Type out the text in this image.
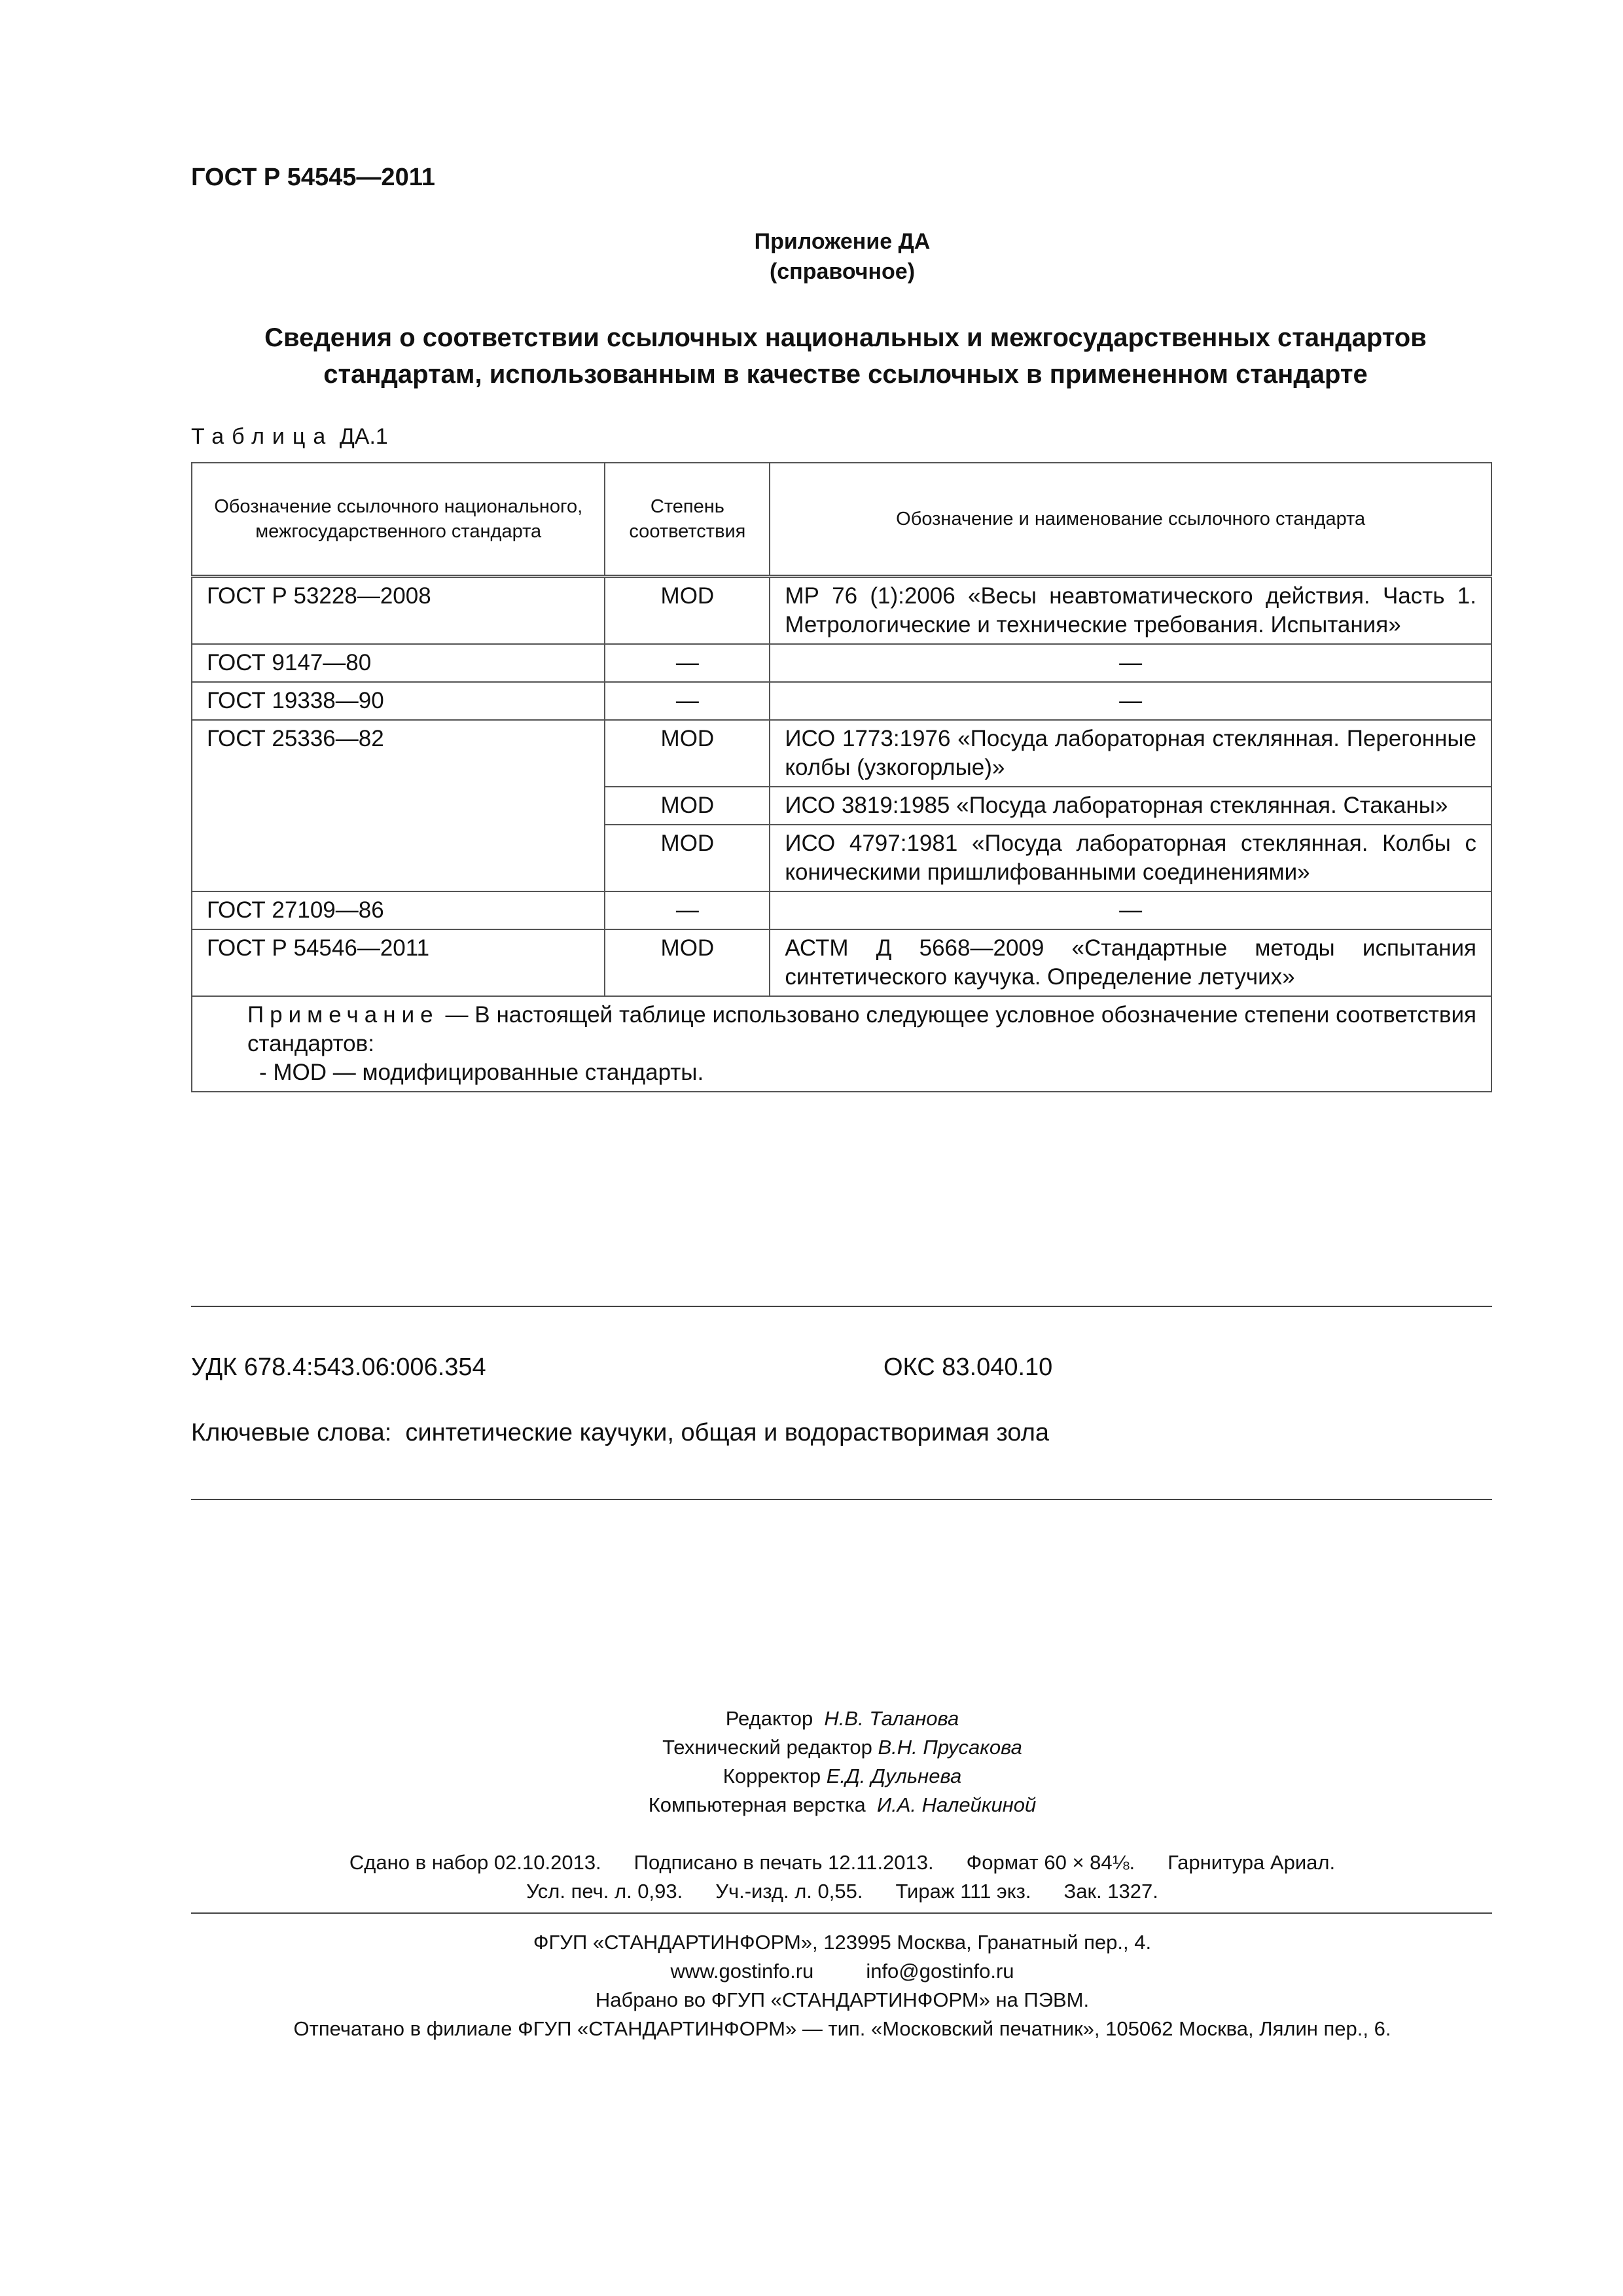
ГОСТ Р 54545—2011
Приложение ДА
(справочное)
Сведения о соответствии ссылочных национальных и межгосударственных стандартов
стандартам, использованным в качестве ссылочных в примененном стандарте
Таблица ДА.1
Обозначение ссылочного национального, межгосударственного стандарта	Степень соответствия	Обозначение и наименование ссылочного стандарта
ГОСТ Р 53228—2008	MOD	МР 76 (1):2006 «Весы неавтоматического действия. Часть 1. Метрологические и технические требования. Испытания»
ГОСТ 9147—80	—	—
ГОСТ 19338—90	—	—
ГОСТ 25336—82	MOD	ИСО 1773:1976 «Посуда лабораторная стеклянная. Перегонные колбы (узкогорлые)»
	MOD	ИСО 3819:1985 «Посуда лабораторная стеклянная. Стаканы»
	MOD	ИСО 4797:1981 «Посуда лабораторная стеклянная. Колбы с коническими пришлифованными соединениями»
ГОСТ 27109—86	—	—
ГОСТ Р 54546—2011	MOD	АСТМ Д 5668—2009 «Стандартные методы испытания синтетического каучука. Определение летучих»

Примечание — В настоящей таблице использовано следующее условное обозначение степени соответствия стандартов:
- MOD — модифицированные стандарты.		
УДК 678.4:543.06:006.354	ОКС 83.040.10
Ключевые слова: синтетические каучуки, общая и водорастворимая зола
Редактор Н.В. Таланова
Технический редактор В.Н. Прусакова
Корректор Е.Д. Дульнева
Компьютерная верстка И.А. Налейкиной
Сдано в набор 02.10.2013. Подписано в печать 12.11.2013. Формат 60 × 84⅛. Гарнитура Ариал.
Усл. печ. л. 0,93. Уч.-изд. л. 0,55. Тираж 111 экз. Зак. 1327.
ФГУП «СТАНДАРТИНФОРМ», 123995 Москва, Гранатный пер., 4.
www.gostinfo.ru	info@gostinfo.ru
Набрано во ФГУП «СТАНДАРТИНФОРМ» на ПЭВМ.
Отпечатано в филиале ФГУП «СТАНДАРТИНФОРМ» — тип. «Московский печатник», 105062 Москва, Лялин пер., 6.
